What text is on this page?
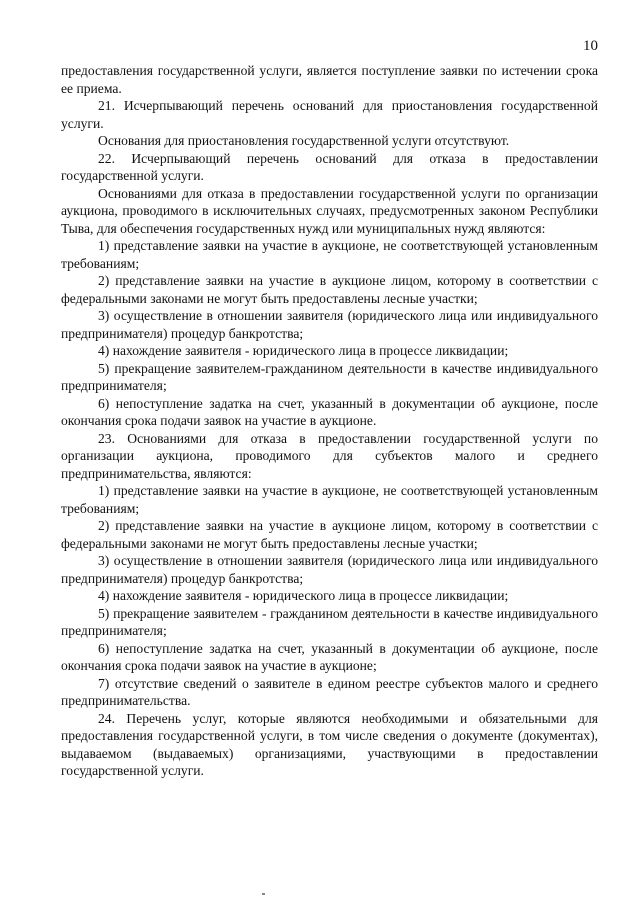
10

предоставления государственной услуги, является поступление заявки по истечении срока ее приема.

21. Исчерпывающий перечень оснований для приостановления государственной услуги.

Основания для приостановления государственной услуги отсутствуют.

22. Исчерпывающий перечень оснований для отказа в предоставлении государственной услуги.

Основаниями для отказа в предоставлении государственной услуги по организации аукциона, проводимого в исключительных случаях, предусмотренных законом Республики Тыва, для обеспечения государственных нужд или муниципальных нужд являются:

1) представление заявки на участие в аукционе, не соответствующей установленным требованиям;

2) представление заявки на участие в аукционе лицом, которому в соответствии с федеральными законами не могут быть предоставлены лесные участки;

3) осуществление в отношении заявителя (юридического лица или индивидуального предпринимателя) процедур банкротства;

4) нахождение заявителя - юридического лица в процессе ликвидации;

5) прекращение заявителем-гражданином деятельности в качестве индивидуального предпринимателя;

6) непоступление задатка на счет, указанный в документации об аукционе, после окончания срока подачи заявок на участие в аукционе.

23. Основаниями для отказа в предоставлении государственной услуги по организации аукциона, проводимого для субъектов малого и среднего предпринимательства, являются:

1) представление заявки на участие в аукционе, не соответствующей установленным требованиям;

2) представление заявки на участие в аукционе лицом, которому в соответствии с федеральными законами не могут быть предоставлены лесные участки;

3) осуществление в отношении заявителя (юридического лица или индивидуального предпринимателя) процедур банкротства;

4) нахождение заявителя - юридического лица в процессе ликвидации;

5) прекращение заявителем - гражданином деятельности в качестве индивидуального предпринимателя;

6) непоступление задатка на счет, указанный в документации об аукционе, после окончания срока подачи заявок на участие в аукционе;

7) отсутствие сведений о заявителе в едином реестре субъектов малого и среднего предпринимательства.

24. Перечень услуг, которые являются необходимыми и обязательными для предоставления государственной услуги, в том числе сведения о документе (документах), выдаваемом (выдаваемых) организациями, участвующими в предоставлении государственной услуги.
